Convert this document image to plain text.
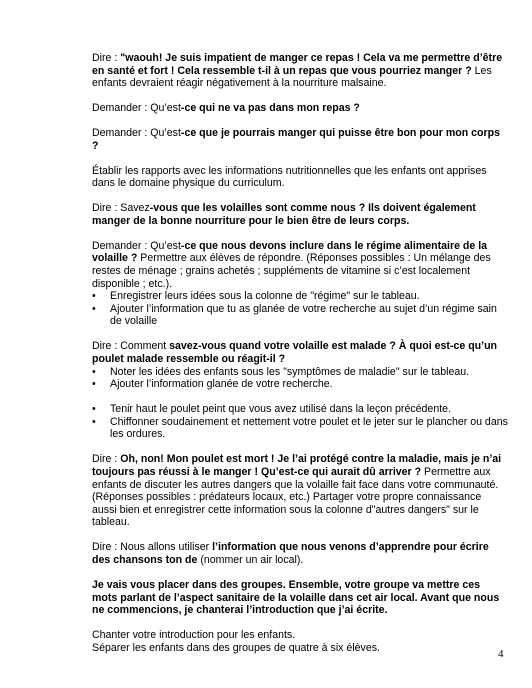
Dire : "waouh! Je suis impatient de manger ce repas ! Cela va me permettre d’être en santé et fort ! Cela ressemble t-il à un repas que vous pourriez manger ? Les enfants devraient réagir négativement à la nourriture malsaine.

Demander : Qu’est-ce qui ne va pas dans mon repas ?

Demander : Qu’est-ce que je pourrais manger qui puisse être bon pour mon corps ?

Établir les rapports avec les informations nutritionnelles que les enfants ont apprises dans le domaine physique du curriculum.

Dire : Savez-vous que les volailles sont comme nous ? Ils doivent également manger de la bonne nourriture pour le bien être de leurs corps.

Demander : Qu’est-ce que nous devons inclure dans le régime alimentaire de la volaille ? Permettre aux élèves de répondre. (Réponses possibles : Un mélange des restes de ménage ; grains achetés ; suppléments de vitamine si c’est localement disponible ; etc.).
• Enregistrer leurs idées sous la colonne de "régime" sur le tableau.
• Ajouter l’information que tu as glanée de votre recherche au sujet d’un régime sain de volaille
Dire : Comment savez-vous quand votre volaille est malade ? À quoi est-ce qu’un poulet malade ressemble ou réagit-il ?
• Noter les idées des enfants sous les "symptômes de maladie" sur le tableau.
• Ajouter l’information glanée de votre recherche.
• Tenir haut le poulet peint que vous avez utilisé dans la leçon précédente.
• Chiffonner soudainement et nettement votre poulet et le jeter sur le plancher ou dans les ordures.

Dire : Oh, non! Mon poulet est mort ! Je l’ai protégé contre la maladie, mais je n’ai toujours pas réussi à le manger ! Qu’est-ce qui aurait dû arriver ? Permettre aux enfants de discuter les autres dangers que la volaille fait face dans votre communauté. (Réponses possibles : prédateurs locaux, etc.) Partager votre propre connaissance aussi bien et enregistrer cette information sous la colonne d"autres dangers" sur le tableau.

Dire : Nous allons utiliser l’information que nous venons d’apprendre pour écrire des chansons ton de (nommer un air local).

Je vais vous placer dans des groupes. Ensemble, votre groupe va mettre ces mots parlant de l’aspect sanitaire de la volaille dans cet air local. Avant que nous ne commencions, je chanterai l’introduction que j’ai écrite.

Chanter votre introduction pour les enfants.
Séparer les enfants dans des groupes de quatre à six élèves.

4
